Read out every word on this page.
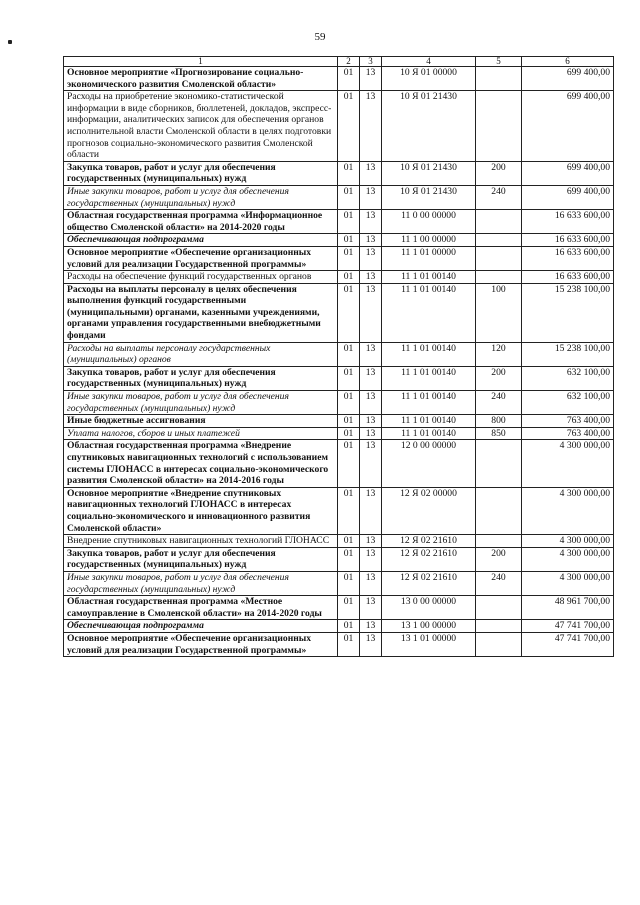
59
1	2	3	4	5	6
Основное мероприятие «Прогнозирование социально-экономического развития Смоленской области»	01	13	10 Я 01 00000		699 400,00
Расходы на приобретение экономико-статистической информации в виде сборников, бюллетеней, докладов, экспресс-информации, аналитических записок для обеспечения органов исполнительной власти Смоленской области в целях подготовки прогнозов социально-экономического развития Смоленской области	01	13	10 Я 01 21430		699 400,00
Закупка товаров, работ и услуг для обеспечения государственных (муниципальных) нужд	01	13	10 Я 01 21430	200	699 400,00
Иные закупки товаров, работ и услуг для обеспечения государственных (муниципальных) нужд	01	13	10 Я 01 21430	240	699 400,00
Областная государственная программа «Информационное общество Смоленской области» на 2014-2020 годы	01	13	11 0 00 00000		16 633 600,00
Обеспечивающая подпрограмма	01	13	11 1 00 00000		16 633 600,00
Основное мероприятие «Обеспечение организационных условий для реализации Государственной программы»	01	13	11 1 01 00000		16 633 600,00
Расходы на обеспечение функций государственных органов	01	13	11 1 01 00140		16 633 600,00
Расходы на выплаты персоналу в целях обеспечения выполнения функций государственными (муниципальными) органами, казенными учреждениями, органами управления государственными внебюджетными фондами	01	13	11 1 01 00140	100	15 238 100,00
Расходы на выплаты персоналу государственных (муниципальных) органов	01	13	11 1 01 00140	120	15 238 100,00
Закупка товаров, работ и услуг для обеспечения государственных (муниципальных) нужд	01	13	11 1 01 00140	200	632 100,00
Иные закупки товаров, работ и услуг для обеспечения государственных (муниципальных) нужд	01	13	11 1 01 00140	240	632 100,00
Иные бюджетные ассигнования	01	13	11 1 01 00140	800	763 400,00
Уплата налогов, сборов и иных платежей	01	13	11 1 01 00140	850	763 400,00
Областная государственная программа «Внедрение спутниковых навигационных технологий с использованием системы ГЛОНАСС в интересах социально-экономического развития Смоленской области» на 2014-2016 годы	01	13	12 0 00 00000		4 300 000,00
Основное мероприятие «Внедрение спутниковых навигационных технологий ГЛОНАСС в интересах социально-экономического и инновационного развития Смоленской области»	01	13	12 Я 02 00000		4 300 000,00
Внедрение спутниковых навигационных технологий ГЛОНАСС	01	13	12 Я 02 21610		4 300 000,00
Закупка товаров, работ и услуг для обеспечения государственных (муниципальных) нужд	01	13	12 Я 02 21610	200	4 300 000,00
Иные закупки товаров, работ и услуг для обеспечения государственных (муниципальных) нужд	01	13	12 Я 02 21610	240	4 300 000,00
Областная государственная программа «Местное самоуправление в Смоленской области» на 2014-2020 годы	01	13	13 0 00 00000		48 961 700,00
Обеспечивающая подпрограмма	01	13	13 1 00 00000		47 741 700,00
Основное мероприятие «Обеспечение организационных условий для реализации Государственной программы»	01	13	13 1 01 00000		47 741 700,00
